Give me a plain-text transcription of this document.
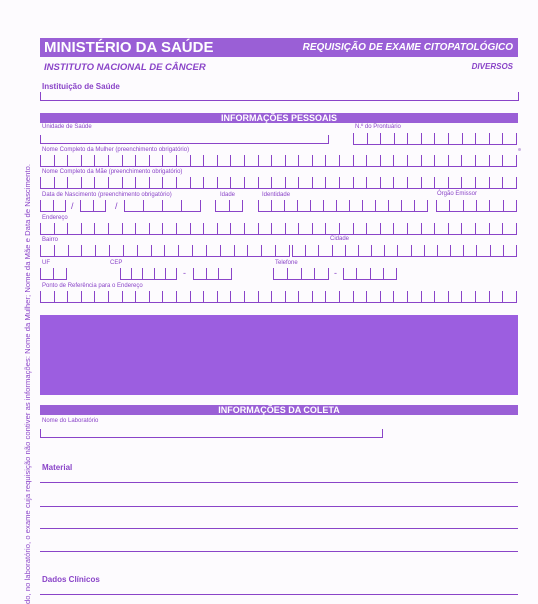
do, no laboratório, o exame cuja requisição não contiver as informações: Nome da Mulher; Nome da Mãe e Data de Nascimento.
MINISTÉRIO DA SAÚDE	REQUISIÇÃO DE EXAME CITOPATOLÓGICO
INSTITUTO NACIONAL DE CÂNCER	DIVERSOS
Instituição de Saúde
INFORMAÇÕES PESSOAIS
Unidade de Saúde	N.º do Prontuário
Nome Completo da Mulher (preenchimento obrigatório)
Nome Completo da Mãe (preenchimento obrigatório)
Data de Nascimento (preenchimento obrigatório)	Idade	Identidade	Órgão Emissor
/	/
Endereço
Bairro	Cidade
UF	CEP	Telefone
-	-
Ponto de Referência para o Endereço
INFORMAÇÕES DA COLETA
Nome do Laboratório
Material
Dados Clínicos
